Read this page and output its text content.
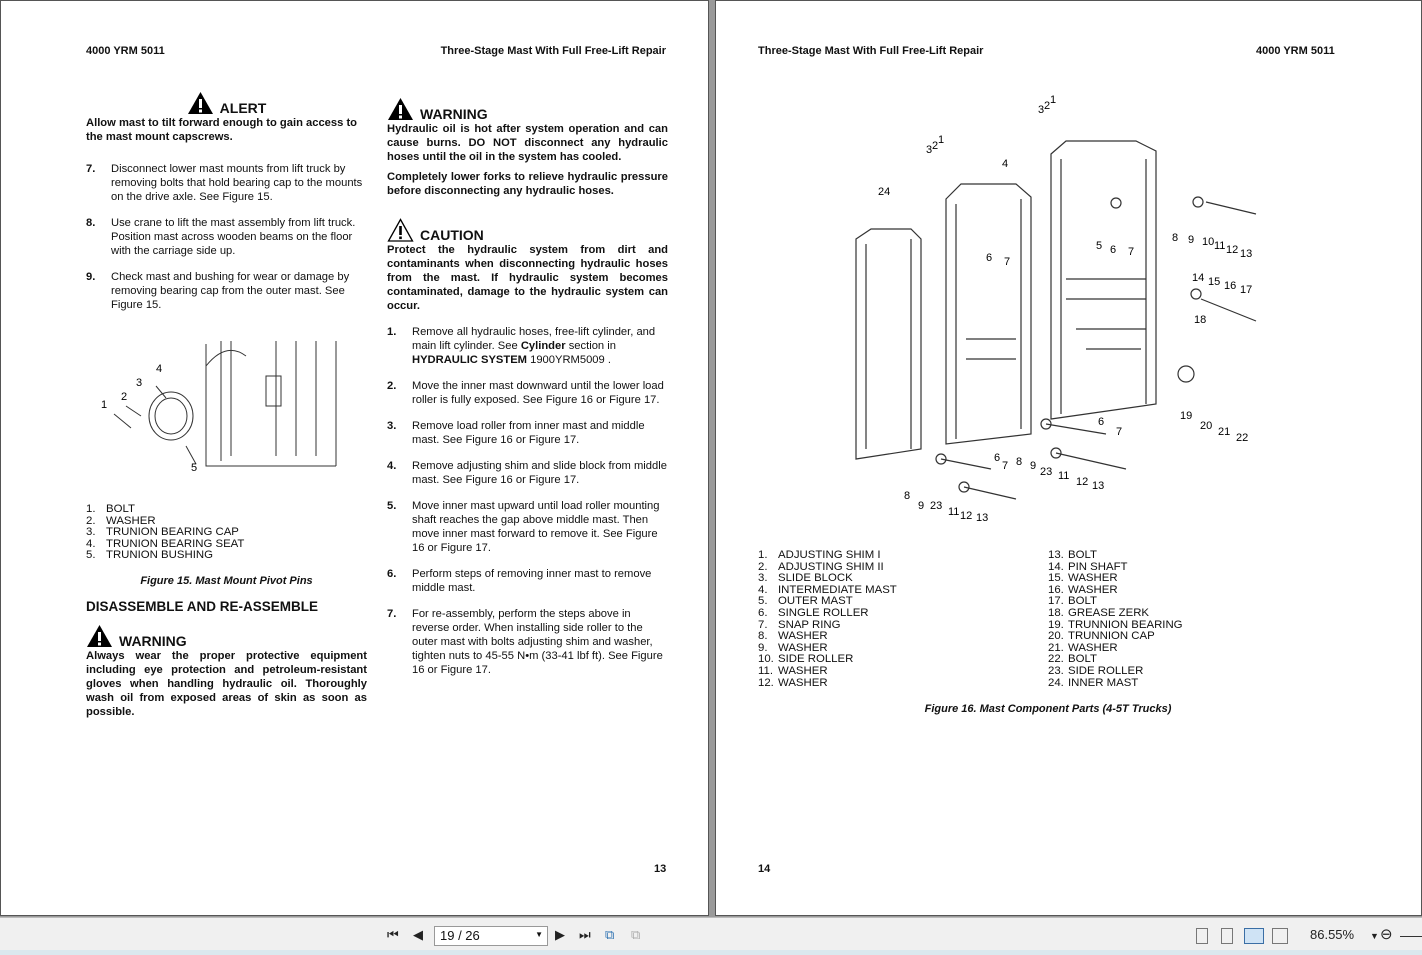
4000 YRM 5011	Three-Stage Mast With Full Free-Lift Repair
ALERT

Allow mast to tilt forward enough to gain access to the mast mount capscrews.

7.	Disconnect lower mast mounts from lift truck by removing bolts that hold bearing cap to the mounts on the drive axle. See Figure 15.
8.	Use crane to lift the mast assembly from lift truck. Position mast across wooden beams on the floor with the carriage side up.
9.	Check mast and bushing for wear or damage by removing bearing cap from the outer mast. See Figure 15.
1
2
3
4
5
1. BOLT
2. WASHER
3. TRUNION BEARING CAP
4. TRUNION BEARING SEAT
5. TRUNION BUSHING
Figure 15. Mast Mount Pivot Pins
DISASSEMBLE AND RE-ASSEMBLE
WARNING

Always wear the proper protective equipment including eye protection and petroleum-resistant gloves when handling hydraulic oil. Thoroughly wash oil from exposed areas of skin as soon as possible.

WARNING

Hydraulic oil is hot after system operation and can cause burns. DO NOT disconnect any hydraulic hoses until the oil in the system has cooled.

Completely lower forks to relieve hydraulic pressure before disconnecting any hydraulic hoses.

CAUTION

Protect the hydraulic system from dirt and contaminants when disconnecting hydraulic hoses from the mast. If hydraulic system becomes contaminated, damage to the hydraulic system can occur.

1.	Remove all hydraulic hoses, free-lift cylinder, and main lift cylinder. See Cylinder section in HYDRAULIC SYSTEM 1900YRM5009 .
2.	Move the inner mast downward until the lower load roller is fully exposed. See Figure 16 or Figure 17.
3.	Remove load roller from inner mast and middle mast. See Figure 16 or Figure 17.
4.	Remove adjusting shim and slide block from middle mast. See Figure 16 or Figure 17.
5.	Move inner mast upward until load roller mounting shaft reaches the gap above middle mast. Then move inner mast forward to remove it. See Figure 16 or Figure 17.
6.	Perform steps of removing inner mast to remove middle mast.
7.	For re-assembly, perform the steps above in reverse order. When installing side roller to the outer mast with bolts adjusting shim and washer, tighten nuts to 45-55 N•m (33-41 lbf ft). See Figure 16 or Figure 17.
13
Three-Stage Mast With Full Free-Lift Repair	4000 YRM 5011
24
3 2 1
4
3 2 1
6 7
5 6 7
8 9 10 11 12 13
14 15 16 17
18
19
20 21 22
6
7
8 9 23 11 12 13
6
7
8
9 23 11 12 13
1. ADJUSTING SHIM I
2. ADJUSTING SHIM II
3. SLIDE BLOCK
4. INTERMEDIATE MAST
5. OUTER MAST
6. SINGLE ROLLER
7. SNAP RING
8. WASHER
9. WASHER
10. SIDE ROLLER
11. WASHER
12. WASHER
13. BOLT
14. PIN SHAFT
15. WASHER
16. WASHER
17. BOLT
18. GREASE ZERK
19. TRUNNION BEARING
20. TRUNNION CAP
21. WASHER
22. BOLT
23. SIDE ROLLER
24. INNER MAST
Figure 16. Mast Component Parts (4-5T Trucks)
14
⏮ ◀	19 / 26	▼ ▶ ⏭ ⧉ ⧉	86.55% ▼ ⊖
